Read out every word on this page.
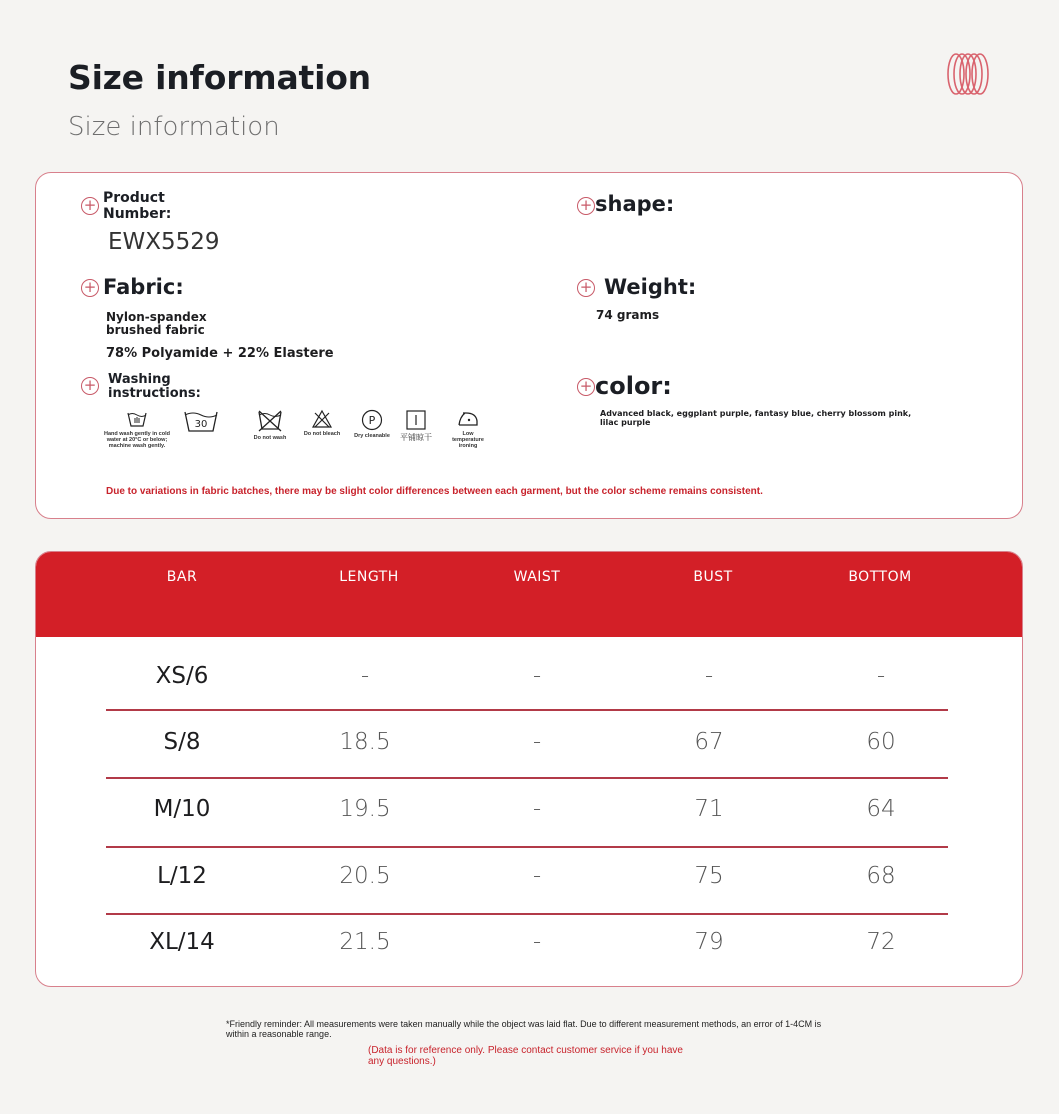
Size information
Size information
+ Product Number:
EWX5529
+ Fabric:
Nylon-spandex brushed fabric
78% Polyamide + 22% Elastere
+ Washing instructions:
Hand wash gently in cold water at 20°C or below; machine wash gently.
30
Do not wash
Do not bleach
P
Dry cleanable 平铺晾干	Low temperature ironing
Due to variations in fabric batches, there may be slight color differences between each garment, but the color scheme remains consistent.
+ shape:
+ Weight:
74 grams
+ color:
Advanced black, eggplant purple, fantasy blue, cherry blossom pink, lilac purple
BAR	LENGTH	WAIST	BUST	BOTTOM
XS/6	-	-	-	-
S/8	18.5	-	67	60
M/10	19.5	-	71	64
L/12	20.5	-	75	68
XL/14	21.5	-	79	72
*Friendly reminder: All measurements were taken manually while the object was laid flat. Due to different measurement methods, an error of 1-4CM is within a reasonable range.
(Data is for reference only. Please contact customer service if you have any questions.)
